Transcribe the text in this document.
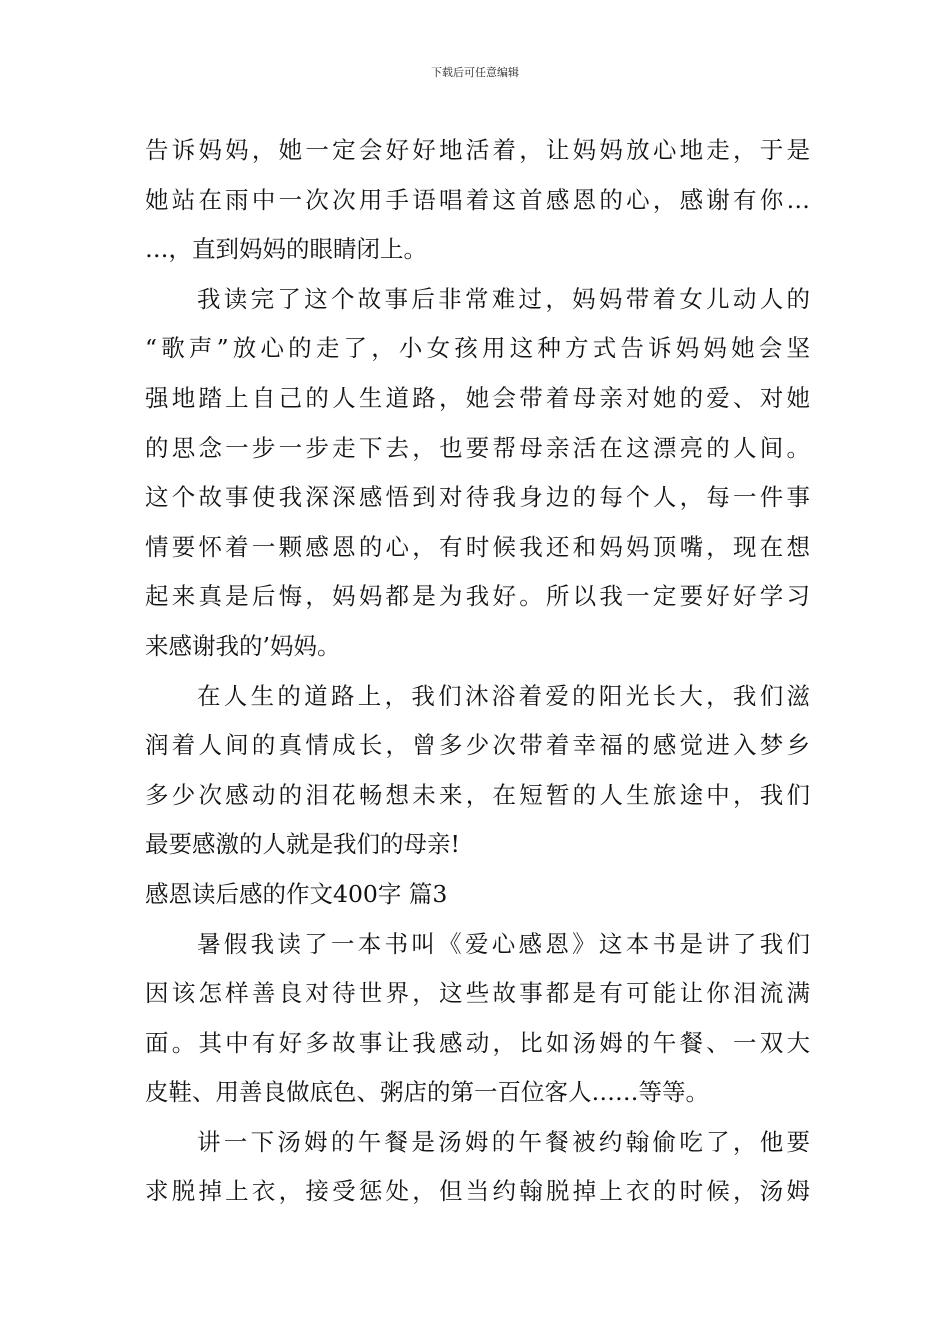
下载后可任意编辑
告诉妈妈，她一定会好好地活着，让妈妈放心地走，于是
她站在雨中一次次用手语唱着这首感恩的心，感谢有你…
…，直到妈妈的眼睛闭上。
我读完了这个故事后非常难过，妈妈带着女儿动人的
“歌声”放心的走了，小女孩用这种方式告诉妈妈她会坚
强地踏上自己的人生道路，她会带着母亲对她的爱、对她
的思念一步一步走下去，也要帮母亲活在这漂亮的人间。
这个故事使我深深感悟到对待我身边的每个人，每一件事
情要怀着一颗感恩的心，有时候我还和妈妈顶嘴，现在想
起来真是后悔，妈妈都是为我好。所以我一定要好好学习
来感谢我的’妈妈。
在人生的道路上，我们沐浴着爱的阳光长大，我们滋
润着人间的真情成长，曾多少次带着幸福的感觉进入梦乡
多少次感动的泪花畅想未来，在短暂的人生旅途中，我们
最要感激的人就是我们的母亲!
感恩读后感的作文400字 篇3
暑假我读了一本书叫《爱心感恩》这本书是讲了我们
因该怎样善良对待世界，这些故事都是有可能让你泪流满
面。其中有好多故事让我感动，比如汤姆的午餐、一双大
皮鞋、用善良做底色、粥店的第一百位客人……等等。
讲一下汤姆的午餐是汤姆的午餐被约翰偷吃了，他要
求脱掉上衣，接受惩处，但当约翰脱掉上衣的时候，汤姆
